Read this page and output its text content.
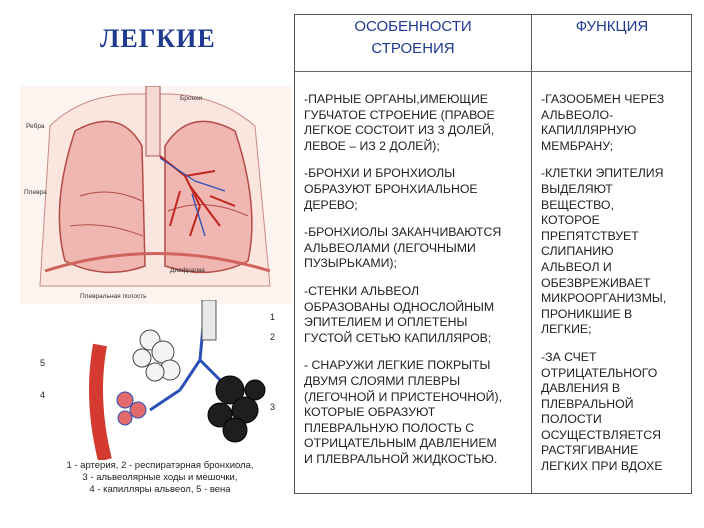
ЛЕГКИЕ
Бронхи
Ребра
Плевра
Диафрагма
Плевральная полость
1
2
3
4
5
1 - артерия, 2 - респиратэрная бронхиола,
3 - альвеолярные ходы и мешочки,
4 - капилляры альвеол, 5 - вена
ОСОБЕННОСТИ
СТРОЕНИЯ
ФУНКЦИЯ

-ПАРНЫЕ ОРГАНЫ,ИМЕЮЩИЕ
ГУБЧАТОЕ СТРОЕНИЕ (ПРАВОЕ
ЛЕГКОЕ СОСТОИТ ИЗ 3 ДОЛЕЙ,
ЛЕВОЕ – ИЗ 2 ДОЛЕЙ);

-БРОНХИ И БРОНХИОЛЫ
ОБРАЗУЮТ БРОНХИАЛЬНОЕ
ДЕРЕВО;

-БРОНХИОЛЫ ЗАКАНЧИВАЮТСЯ
АЛЬВЕОЛАМИ (ЛЕГОЧНЫМИ
ПУЗЫРЬКАМИ);

-СТЕНКИ АЛЬВЕОЛ
ОБРАЗОВАНЫ ОДНОСЛОЙНЫМ
ЭПИТЕЛИЕМ И ОПЛЕТЕНЫ
ГУСТОЙ СЕТЬЮ КАПИЛЛЯРОВ;

- СНАРУЖИ ЛЕГКИЕ ПОКРЫТЫ
ДВУМЯ СЛОЯМИ ПЛЕВРЫ
(ЛЕГОЧНОЙ И ПРИСТЕНОЧНОЙ),
КОТОРЫЕ ОБРАЗУЮТ
ПЛЕВРАЛЬНУЮ ПОЛОСТЬ С
ОТРИЦАТЕЛЬНЫМ ДАВЛЕНИЕМ
И ПЛЕВРАЛЬНОЙ ЖИДКОСТЬЮ.

-ГАЗООБМЕН ЧЕРЕЗ
АЛЬВЕОЛО-
КАПИЛЛЯРНУЮ
МЕМБРАНУ;

-КЛЕТКИ ЭПИТЕЛИЯ
ВЫДЕЛЯЮТ
ВЕЩЕСТВО,
КОТОРОЕ
ПРЕПЯТСТВУЕТ
СЛИПАНИЮ
АЛЬВЕОЛ И
ОБЕЗВРЕЖИВАЕТ
МИКРООРГАНИЗМЫ,
ПРОНИКШИЕ В
ЛЕГКИЕ;

-ЗА СЧЕТ
ОТРИЦАТЕЛЬНОГО
ДАВЛЕНИЯ В
ПЛЕВРАЛЬНОЙ
ПОЛОСТИ
ОСУЩЕСТВЛЯЕТСЯ
РАСТЯГИВАНИЕ
ЛЕГКИХ ПРИ ВДОХЕ
